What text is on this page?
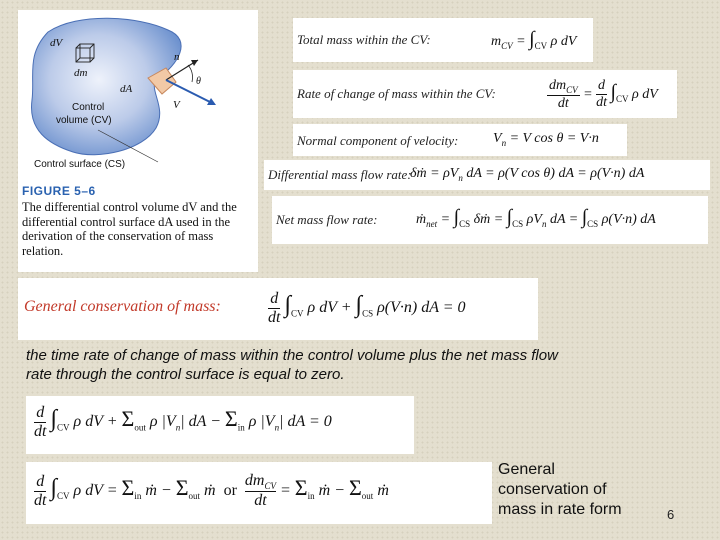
dV
dm
n
θ
dA
V
Control
volume (CV)
Control surface (CS)
FIGURE 5–6
The differential control volume dV and the differential control surface dA used in the derivation of the conservation of mass relation.
Total mass within the CV:	$m_{CV} = \int_{CV}$ ρ dV
Rate of change of mass within the CV:
$dm_{CV}$
dt
= $\frac{d}{dt} \int_{CV}$ ρ dV
Normal component of velocity: $V_n = V$ cos θ = V·n
Differential mass flow rate:
δṁ = $\rho V_n$ dA = ρ(V cos θ) dA = ρ(V·n) dA
Net mass flow rate:	ṁ$_{net}$ = $\int_{CS}$ δṁ = $\int_{CS}$ $\rho V_n$ dA = $\int_{CS}$ ρ(V·n) dA
General conservation of mass:	$\frac{d}{dt} \int_{CV}$ ρ dV + $\int_{CS}$ ρ(V·n) dA = 0
the time rate of change of mass within the control volume plus the net mass flow rate through the control surface is equal to zero.
$\frac{d}{dt} \int_{CV}$ ρ dV + $\Sigma_{out}$ ρ $|V_n|$ dA − $\Sigma_{in}$ ρ $|V_n|$ dA = 0
$\frac{d}{dt} \int_{CV}$ ρ dV = $\Sigma_{in}$ ṁ − $\Sigma_{out}$ ṁ  or
$dm_{CV}$
dt
= $\Sigma_{in}$ ṁ − $\Sigma_{out}$ ṁ
General conservation of mass in rate form	6
